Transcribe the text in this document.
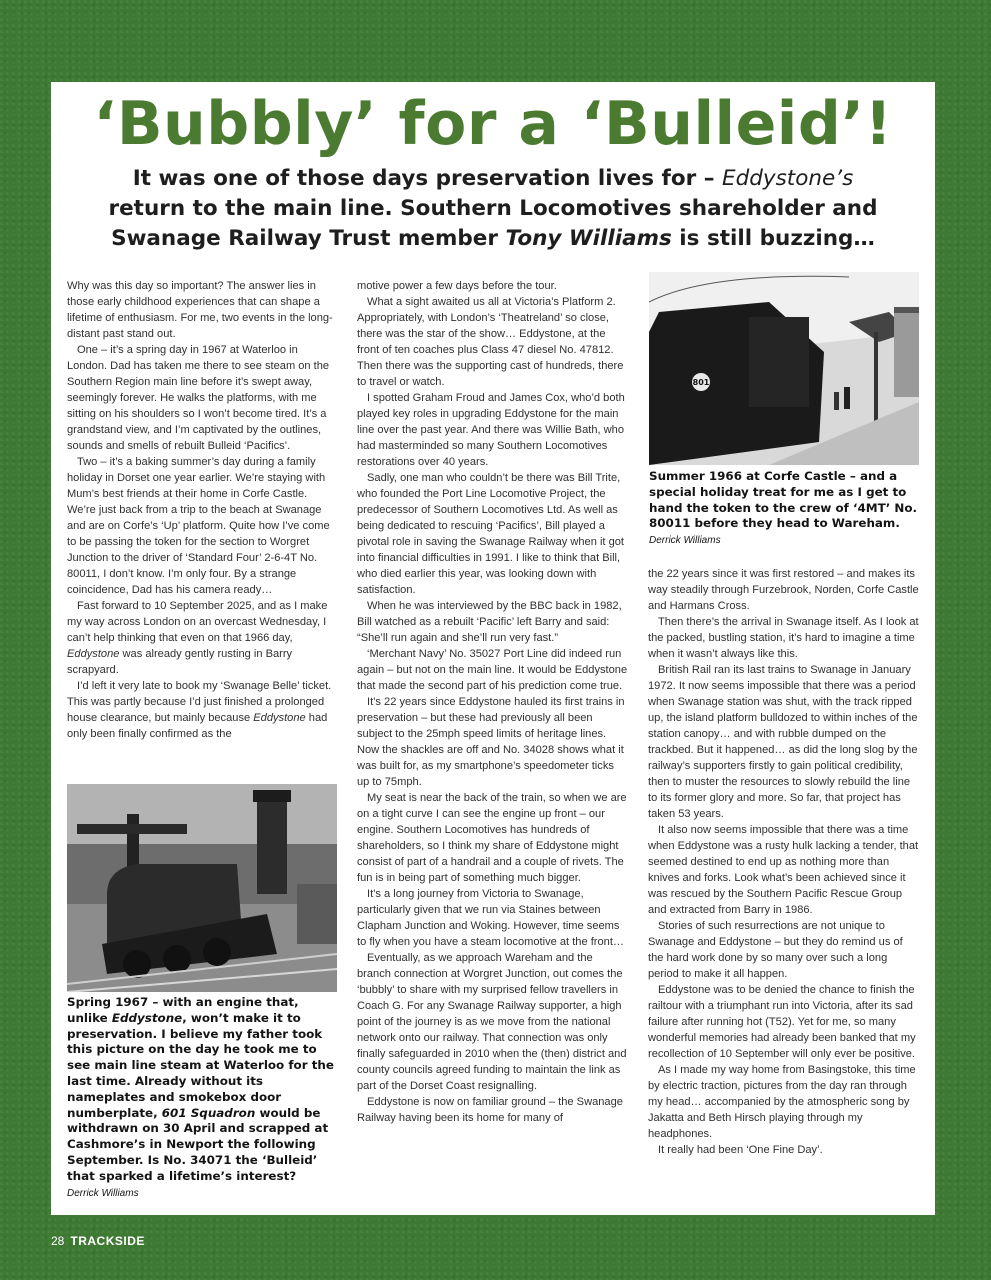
‘Bubbly’ for a ‘Bulleid’!
It was one of those days preservation lives for – Eddystone’s return to the main line. Southern Locomotives shareholder and Swanage Railway Trust member Tony Williams is still buzzing…

Why was this day so important? The answer lies in those early childhood experiences that can shape a lifetime of enthusiasm. For me, two events in the long-distant past stand out.

One – it’s a spring day in 1967 at Waterloo in London. Dad has taken me there to see steam on the Southern Region main line before it’s swept away, seemingly forever. He walks the platforms, with me sitting on his shoulders so I won’t become tired. It’s a grandstand view, and I’m captivated by the outlines, sounds and smells of rebuilt Bulleid ‘Pacifics’.

Two – it’s a baking summer’s day during a family holiday in Dorset one year earlier. We’re staying with Mum’s best friends at their home in Corfe Castle. We’re just back from a trip to the beach at Swanage and are on Corfe’s ‘Up’ platform. Quite how I’ve come to be passing the token for the section to Worgret Junction to the driver of ‘Standard Four’ 2-6-4T No. 80011, I don’t know. I’m only four. By a strange coincidence, Dad has his camera ready…

Fast forward to 10 September 2025, and as I make my way across London on an overcast Wednesday, I can’t help thinking that even on that 1966 day, Eddystone was already gently rusting in Barry scrapyard.

I’d left it very late to book my ‘Swanage Belle’ ticket. This was partly because I’d just finished a prolonged house clearance, but mainly because Eddystone had only been finally confirmed as the

Spring 1967 – with an engine that, unlike Eddystone, won’t make it to preservation. I believe my father took this picture on the day he took me to see main line steam at Waterloo for the last time. Already without its nameplates and smokebox door numberplate, 601 Squadron would be withdrawn on 30 April and scrapped at Cashmore’s in Newport the following September. Is No. 34071 the ‘Bulleid’ that sparked a lifetime’s interest?
Derrick Williams

motive power a few days before the tour.

What a sight awaited us all at Victoria’s Platform 2. Appropriately, with London’s ‘Theatreland’ so close, there was the star of the show… Eddystone, at the front of ten coaches plus Class 47 diesel No. 47812. Then there was the supporting cast of hundreds, there to travel or watch.

I spotted Graham Froud and James Cox, who’d both played key roles in upgrading Eddystone for the main line over the past year. And there was Willie Bath, who had masterminded so many Southern Locomotives restorations over 40 years.

Sadly, one man who couldn’t be there was Bill Trite, who founded the Port Line Locomotive Project, the predecessor of Southern Locomotives Ltd. As well as being dedicated to rescuing ‘Pacifics’, Bill played a pivotal role in saving the Swanage Railway when it got into financial difficulties in 1991. I like to think that Bill, who died earlier this year, was looking down with satisfaction.

When he was interviewed by the BBC back in 1982, Bill watched as a rebuilt ‘Pacific’ left Barry and said: “She’ll run again and she’ll run very fast.”

‘Merchant Navy’ No. 35027 Port Line did indeed run again – but not on the main line. It would be Eddystone that made the second part of his prediction come true.

It’s 22 years since Eddystone hauled its first trains in preservation – but these had previously all been subject to the 25mph speed limits of heritage lines. Now the shackles are off and No. 34028 shows what it was built for, as my smartphone’s speedometer ticks up to 75mph.

My seat is near the back of the train, so when we are on a tight curve I can see the engine up front – our engine. Southern Locomotives has hundreds of shareholders, so I think my share of Eddystone might consist of part of a handrail and a couple of rivets. The fun is in being part of something much bigger.

It’s a long journey from Victoria to Swanage, particularly given that we run via Staines between Clapham Junction and Woking. However, time seems to fly when you have a steam locomotive at the front…

Eventually, as we approach Wareham and the branch connection at Worgret Junction, out comes the ‘bubbly’ to share with my surprised fellow travellers in Coach G. For any Swanage Railway supporter, a high point of the journey is as we move from the national network onto our railway. That connection was only finally safeguarded in 2010 when the (then) district and county councils agreed funding to maintain the link as part of the Dorset Coast resignalling.

Eddystone is now on familiar ground – the Swanage Railway having been its home for many of

801
Summer 1966 at Corfe Castle – and a special holiday treat for me as I get to hand the token to the crew of ‘4MT’ No. 80011 before they head to Wareham. Derrick Williams

the 22 years since it was first restored – and makes its way steadily through Furzebrook, Norden, Corfe Castle and Harmans Cross.

Then there’s the arrival in Swanage itself. As I look at the packed, bustling station, it’s hard to imagine a time when it wasn’t always like this.

British Rail ran its last trains to Swanage in January 1972. It now seems impossible that there was a period when Swanage station was shut, with the track ripped up, the island platform bulldozed to within inches of the station canopy… and with rubble dumped on the trackbed. But it happened… as did the long slog by the railway’s supporters firstly to gain political credibility, then to muster the resources to slowly rebuild the line to its former glory and more. So far, that project has taken 53 years.

It also now seems impossible that there was a time when Eddystone was a rusty hulk lacking a tender, that seemed destined to end up as nothing more than knives and forks. Look what’s been achieved since it was rescued by the Southern Pacific Rescue Group and extracted from Barry in 1986.

Stories of such resurrections are not unique to Swanage and Eddystone – but they do remind us of the hard work done by so many over such a long period to make it all happen.

Eddystone was to be denied the chance to finish the railtour with a triumphant run into Victoria, after its sad failure after running hot (T52). Yet for me, so many wonderful memories had already been banked that my recollection of 10 September will only ever be positive.

As I made my way home from Basingstoke, this time by electric traction, pictures from the day ran through my head… accompanied by the atmospheric song by Jakatta and Beth Hirsch playing through my headphones.

It really had been ‘One Fine Day’.

28 TRACKSIDE
